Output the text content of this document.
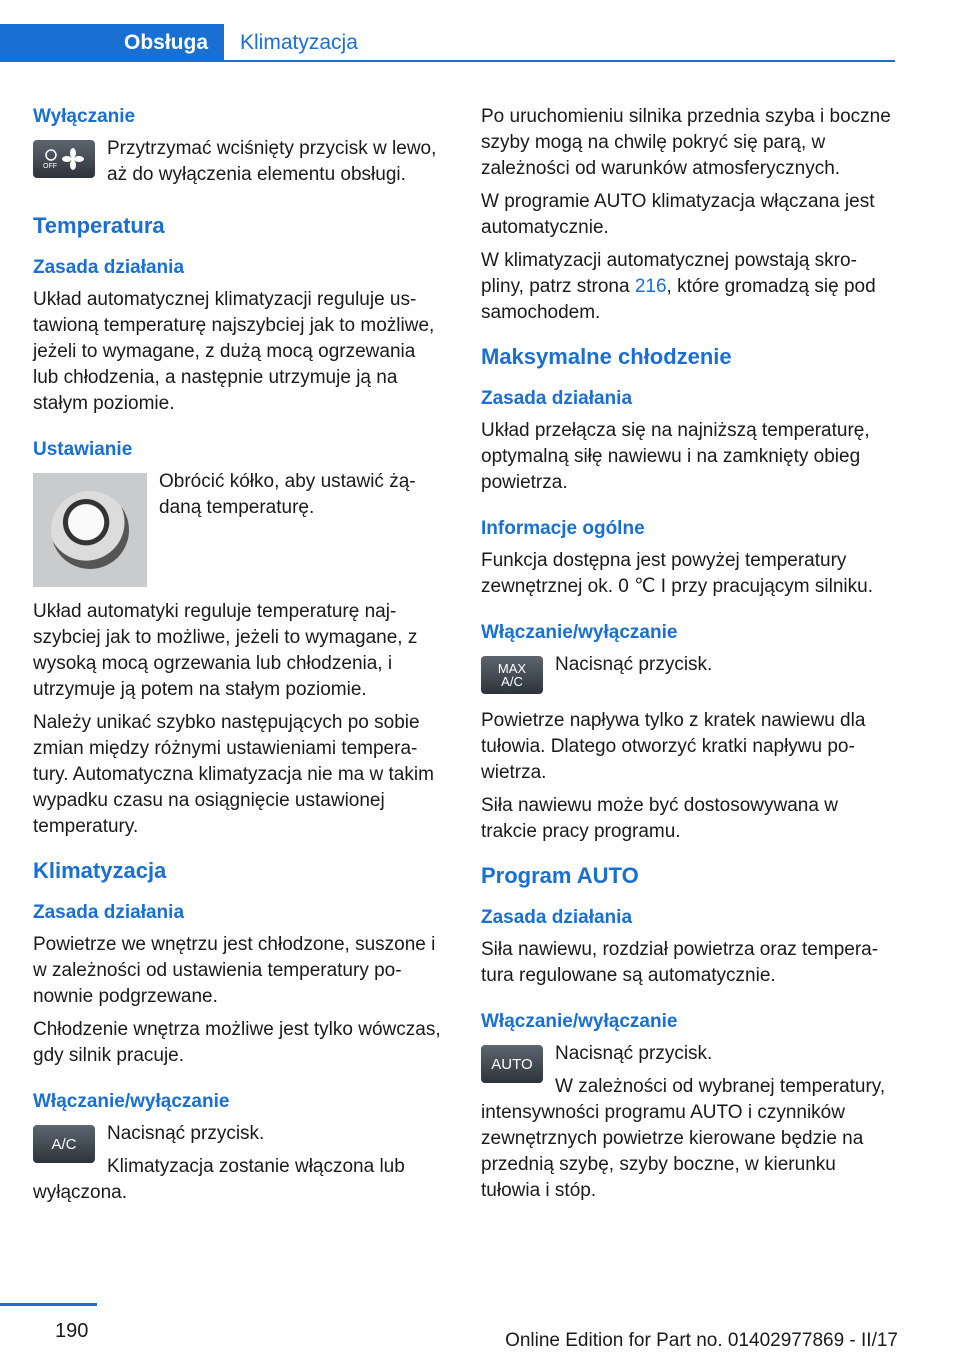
Obsługa	Klimatyzacja
Wyłączanie
OFF

Przytrzymać wciśnięty przycisk w lewo, aż do wyłączenia elementu obsługi.

Temperatura
Zasada działania

Układ automatycznej klimatyzacji reguluje ustawioną temperaturę najszybciej jak to możliwe, jeżeli to wymagane, z dużą mocą ogrzewania lub chłodzenia, a następnie utrzymuje ją na stałym poziomie.

Ustawianie

Obrócić kółko, aby ustawić żądaną temperaturę.

Układ automatyki reguluje temperaturę najszybciej jak to możliwe, jeżeli to wymagane, z wysoką mocą ogrzewania lub chłodzenia, i utrzymuje ją potem na stałym poziomie.

Należy unikać szybko następujących po sobie zmian między różnymi ustawieniami temperatury. Automatyczna klimatyzacja nie ma w takim wypadku czasu na osiągnięcie ustawionej temperatury.

Klimatyzacja
Zasada działania

Powietrze we wnętrzu jest chłodzone, suszone i w zależności od ustawienia temperatury ponownie podgrzewane.

Chłodzenie wnętrza możliwe jest tylko wówczas, gdy silnik pracuje.

Włączanie/wyłączanie
A/C	Nacisnąć przycisk.

Klimatyzacja zostanie włączona lub wyłączona.

Po uruchomieniu silnika przednia szyba i boczne szyby mogą na chwilę pokryć się parą, w zależności od warunków atmosferycznych.

W programie AUTO klimatyzacja włączana jest automatycznie.

W klimatyzacji automatycznej powstają skropliny, patrz strona 216, które gromadzą się pod samochodem.

Maksymalne chłodzenie
Zasada działania

Układ przełącza się na najniższą temperaturę, optymalną siłę nawiewu i na zamknięty obieg powietrza.

Informacje ogólne

Funkcja dostępna jest powyżej temperatury zewnętrznej ok. 0 ℃ I przy pracującym silniku.

Włączanie/wyłączanie
MAX
A/C

Nacisnąć przycisk.

Powietrze napływa tylko z kratek nawiewu dla tułowia. Dlatego otworzyć kratki napływu powietrza.

Siła nawiewu może być dostosowywana w trakcie pracy programu.

Program AUTO
Zasada działania

Siła nawiewu, rozdział powietrza oraz temperatura regulowane są automatycznie.

Włączanie/wyłączanie
AUTO	Nacisnąć przycisk.

W zależności od wybranej temperatury, intensywności programu AUTO i czynników zewnętrznych powietrze kierowane będzie na przednią szybę, szyby boczne, w kierunku tułowia i stóp.

190	Online Edition for Part no. 01402977869 - II/17
